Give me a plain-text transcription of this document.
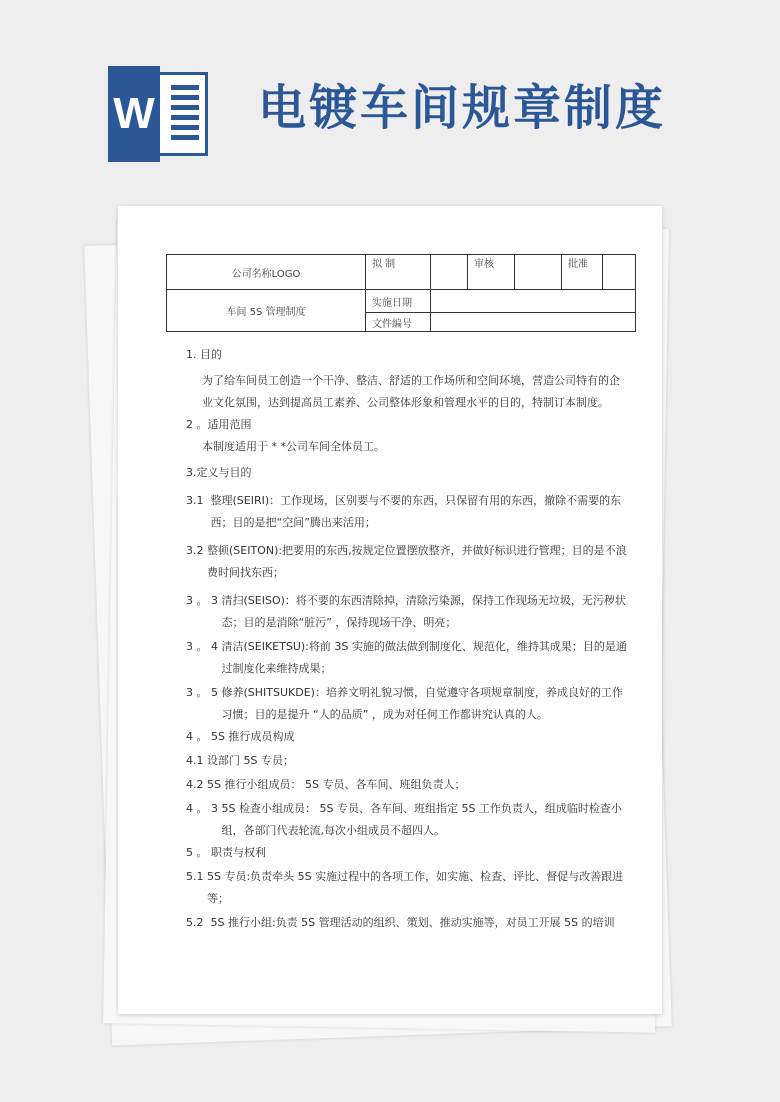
W 电镀车间规章制度
公司名称LOGO	拟 制		审核		批准	
车间 5S 管理制度	实施日期					
	文件编号					

1. 目的

为了给车间员工创造一个干净、整洁、舒适的工作场所和空间环境，营造公司特有的企业文化氛围，达到提高员工素养、公司整体形象和管理水平的目的，特制订本制度。

2 。适用范围

本制度适用于 * *公司车间全体员工。

3.定义与目的

3.1 整理(SEIRI)：工作现场，区别要与不要的东西，只保留有用的东西，撤除不需要的东西；目的是把“空间”腾出来活用；
3.2 整顿(SEITON):把要用的东西,按规定位置摆放整齐，并做好标识进行管理；目的是不浪费时间找东西；
3 。 3 清扫(SEISO)：将不要的东西清除掉，清除污染源，保持工作现场无垃圾，无污秽状态；目的是消除“脏污” ，保持现场干净、明亮；
3 。 4 清洁(SEIKETSU):将前 3S 实施的做法做到制度化、规范化，维持其成果；目的是通过制度化来维持成果；
3 。 5 修养(SHITSUKDE)：培养文明礼貌习惯，自觉遵守各项规章制度，养成良好的工作习惯；目的是提升 “人的品质” ，成为对任何工作都讲究认真的人。

4 。 5S 推行成员构成

4.1 设部门 5S 专员；
4.2 5S 推行小组成员： 5S 专员、各车间、班组负责人；
4 。 3 5S 检查小组成员： 5S 专员、各车间、班组指定 5S 工作负责人，组成临时检查小组，各部门代表轮流,每次小组成员不超四人。

5 。 职责与权利

5.1 5S 专员:负责牵头 5S 实施过程中的各项工作，如实施、检查、评比、督促与改善跟进等；
5.2 5S 推行小组:负责 5S 管理活动的组织、策划、推动实施等，对员工开展 5S 的培训
